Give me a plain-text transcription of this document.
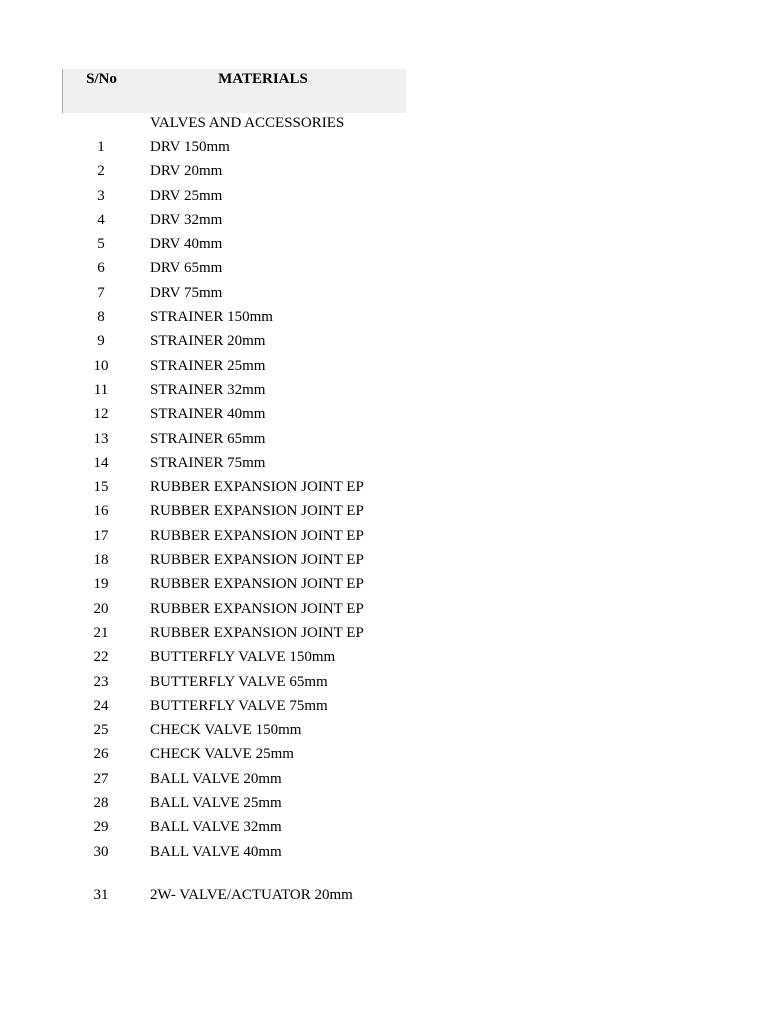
S/No	MATERIALS
VALVES AND ACCESSORIES
1	DRV 150mm
2	DRV 20mm
3	DRV 25mm
4	DRV 32mm
5	DRV 40mm
6	DRV 65mm
7	DRV 75mm
8	STRAINER 150mm
9	STRAINER 20mm
10	STRAINER 25mm
11	STRAINER 32mm
12	STRAINER 40mm
13	STRAINER 65mm
14	STRAINER 75mm
15	RUBBER EXPANSION JOINT EP
16	RUBBER EXPANSION JOINT EP
17	RUBBER EXPANSION JOINT EP
18	RUBBER EXPANSION JOINT EP
19	RUBBER EXPANSION JOINT EP
20	RUBBER EXPANSION JOINT EP
21	RUBBER EXPANSION JOINT EP
22	BUTTERFLY VALVE 150mm
23	BUTTERFLY VALVE 65mm
24	BUTTERFLY VALVE 75mm
25	CHECK VALVE 150mm
26	CHECK VALVE 25mm
27	BALL VALVE 20mm
28	BALL VALVE 25mm
29	BALL VALVE 32mm
30	BALL VALVE 40mm
31	2W- VALVE/ACTUATOR 20mm
